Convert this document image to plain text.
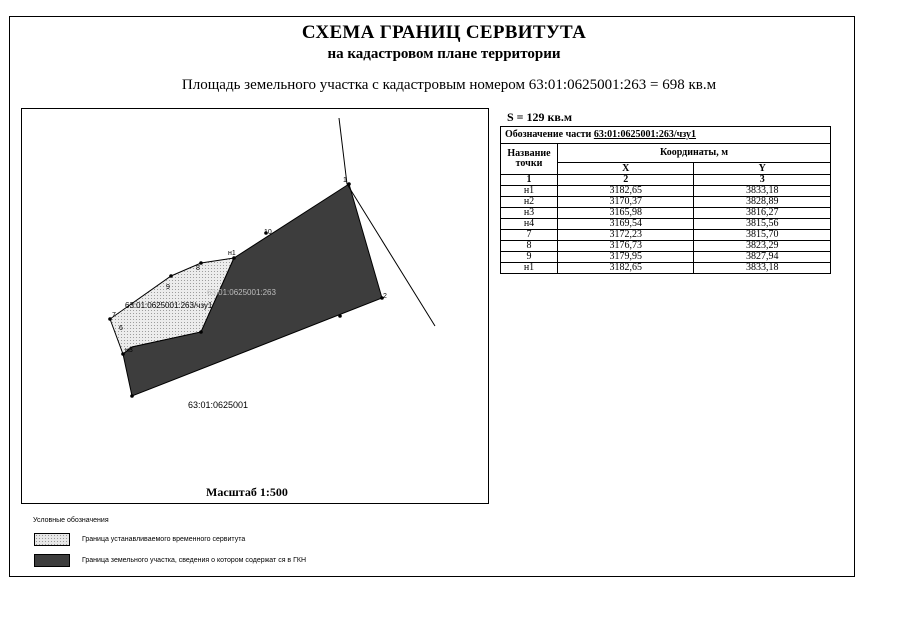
СХЕМА ГРАНИЦ СЕРВИТУТА
на кадастровом плане территории
Площадь земельного участка с кадастровым номером 63:01:0625001:263 = 698 кв.м
1
2
н1
10
8
9
7
6
н3
63:01:0625001:263/чзу1
63:01:0625001:263
63:01:0625001
Масштаб 1:500
S = 129 кв.м
Обозначение части 63:01:0625001:263/чзу1		
Название точки	Координаты, м	
	X	Y
1	2	3
н1	3182,65	3833,18
н2	3170,37	3828,89
н3	3165,98	3816,27
н4	3169,54	3815,56
7	3172,23	3815,70
8	3176,73	3823,29
9	3179,95	3827,94
н1	3182,65	3833,18
Условные обозначения
Граница устанавливаемого временного сервитута
Граница земельного участка, сведения о котором содержат ся в ГКН
